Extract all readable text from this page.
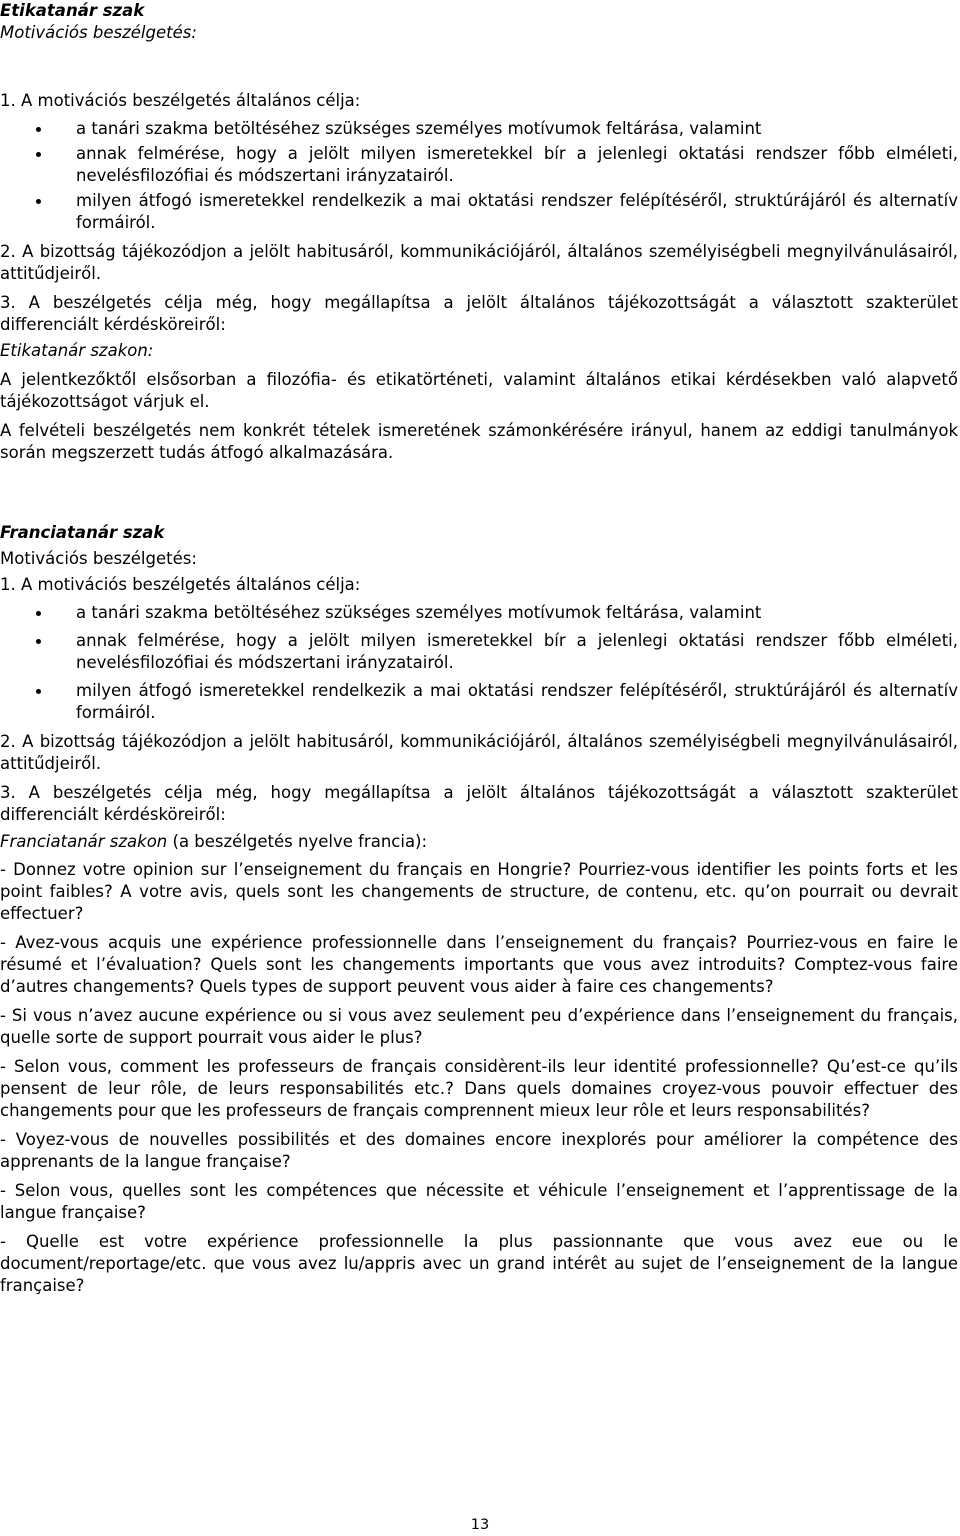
Etikatanár szak

Motivációs beszélgetés:

1. A motivációs beszélgetés általános célja:

a tanári szakma betöltéséhez szükséges személyes motívumok feltárása, valamint
annak felmérése, hogy a jelölt milyen ismeretekkel bír a jelenlegi oktatási rendszer főbb elméleti, nevelésfilozófiai és módszertani irányzatairól.
milyen átfogó ismeretekkel rendelkezik a mai oktatási rendszer felépítéséről, struktúrájáról és alternatív formáiról.

2. A bizottság tájékozódjon a jelölt habitusáról, kommunikációjáról, általános személyiségbeli megnyilvánulásairól, attitűdjeiről.

3. A beszélgetés célja még, hogy megállapítsa a jelölt általános tájékozottságát a választott szakterület differenciált kérdésköreiről:

Etikatanár szakon:

A jelentkezőktől elsősorban a filozófia- és etikatörténeti, valamint általános etikai kérdésekben való alapvető tájékozottságot várjuk el.

A felvételi beszélgetés nem konkrét tételek ismeretének számonkérésére irányul, hanem az eddigi tanulmányok során megszerzett tudás átfogó alkalmazására.

Franciatanár szak

Motivációs beszélgetés:

1. A motivációs beszélgetés általános célja:

a tanári szakma betöltéséhez szükséges személyes motívumok feltárása, valamint
annak felmérése, hogy a jelölt milyen ismeretekkel bír a jelenlegi oktatási rendszer főbb elméleti, nevelésfilozófiai és módszertani irányzatairól.
milyen átfogó ismeretekkel rendelkezik a mai oktatási rendszer felépítéséről, struktúrájáról és alternatív formáiról.

2. A bizottság tájékozódjon a jelölt habitusáról, kommunikációjáról, általános személyiségbeli megnyilvánulásairól, attitűdjeiről.

3. A beszélgetés célja még, hogy megállapítsa a jelölt általános tájékozottságát a választott szakterület differenciált kérdésköreiről:

Franciatanár szakon (a beszélgetés nyelve francia):

- Donnez votre opinion sur l’enseignement du français en Hongrie? Pourriez-vous identifier les points forts et les point faibles? A votre avis, quels sont les changements de structure, de contenu, etc. qu’on pourrait ou devrait effectuer?

- Avez-vous acquis une expérience professionnelle dans l’enseignement du français? Pourriez-vous en faire le résumé et l’évaluation? Quels sont les changements importants que vous avez introduits? Comptez-vous faire d’autres changements? Quels types de support peuvent vous aider à faire ces changements?

- Si vous n’avez aucune expérience ou si vous avez seulement peu d’expérience dans l’enseignement du français, quelle sorte de support pourrait vous aider le plus?

- Selon vous, comment les professeurs de français considèrent-ils leur identité professionnelle? Qu’est-ce qu’ils pensent de leur rôle, de leurs responsabilités etc.? Dans quels domaines croyez-vous pouvoir effectuer des changements pour que les professeurs de français comprennent mieux leur rôle et leurs responsabilités?

- Voyez-vous de nouvelles possibilités et des domaines encore inexplorés pour améliorer la compétence des apprenants de la langue française?

- Selon vous, quelles sont les compétences que nécessite et véhicule l’enseignement et l’apprentissage de la langue française?

- Quelle est votre expérience professionnelle la plus passionnante que vous avez eue ou le document/reportage/etc. que vous avez lu/appris avec un grand intérêt au sujet de l’enseignement de la langue française?

13
